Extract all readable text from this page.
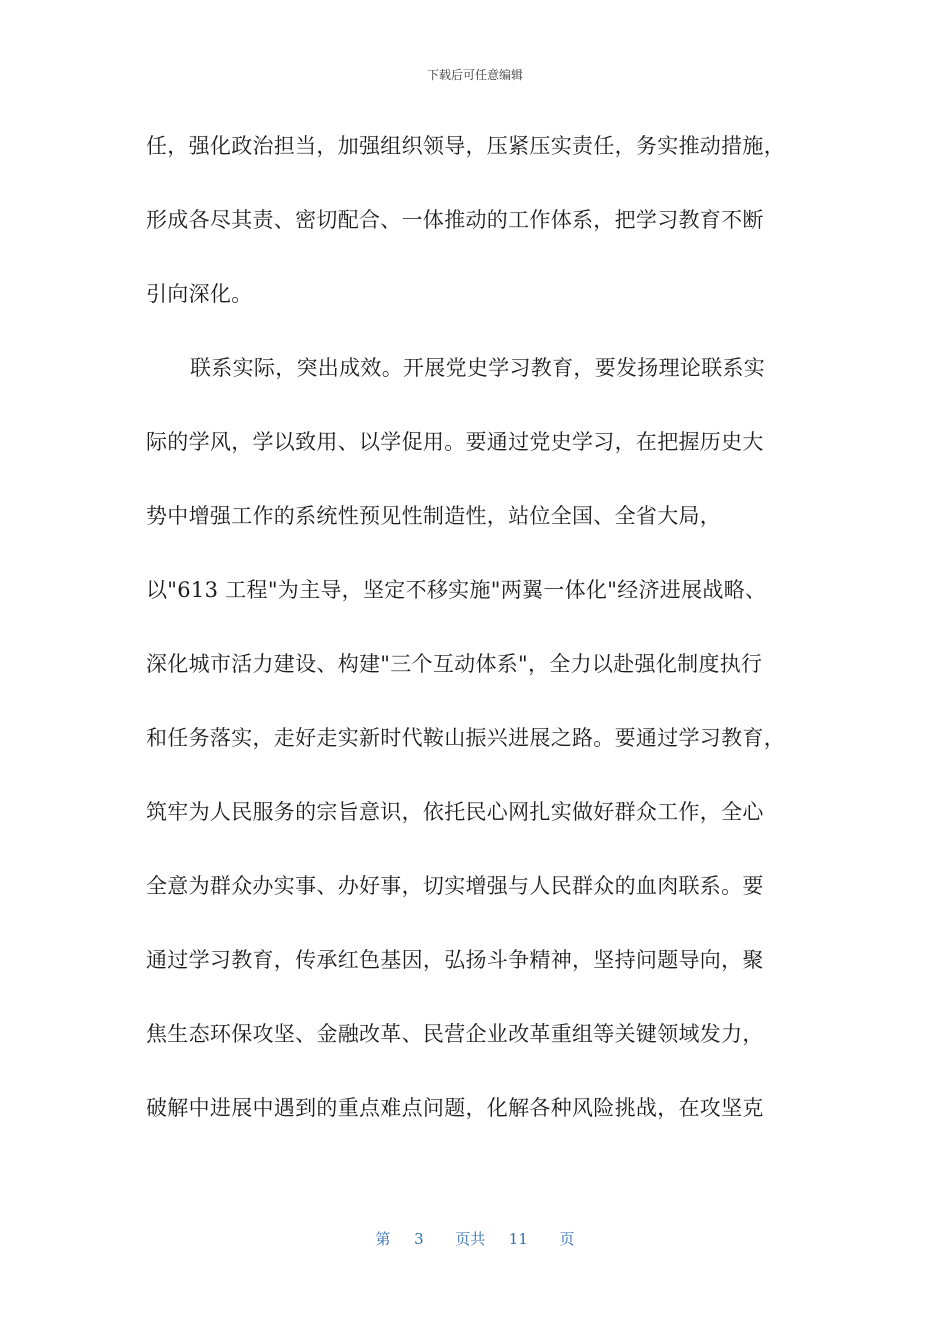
下载后可任意编辑
任，强化政治担当，加强组织领导，压紧压实责任，务实推动措施，
形成各尽其责、密切配合、一体推动的工作体系，把学习教育不断
引向深化。
联系实际，突出成效。开展党史学习教育，要发扬理论联系实
际的学风，学以致用、以学促用。要通过党史学习，在把握历史大
势中增强工作的系统性预见性制造性，站位全国、全省大局，
以"613 工程"为主导，坚定不移实施"两翼一体化"经济进展战略、
深化城市活力建设、构建"三个互动体系"，全力以赴强化制度执行
和任务落实，走好走实新时代鞍山振兴进展之路。要通过学习教育，
筑牢为人民服务的宗旨意识，依托民心网扎实做好群众工作，全心
全意为群众办实事、办好事，切实增强与人民群众的血肉联系。要
通过学习教育，传承红色基因，弘扬斗争精神，坚持问题导向，聚
焦生态环保攻坚、金融改革、民营企业改革重组等关键领域发力，
破解中进展中遇到的重点难点问题，化解各种风险挑战，在攻坚克
第 3 页共 11 页
